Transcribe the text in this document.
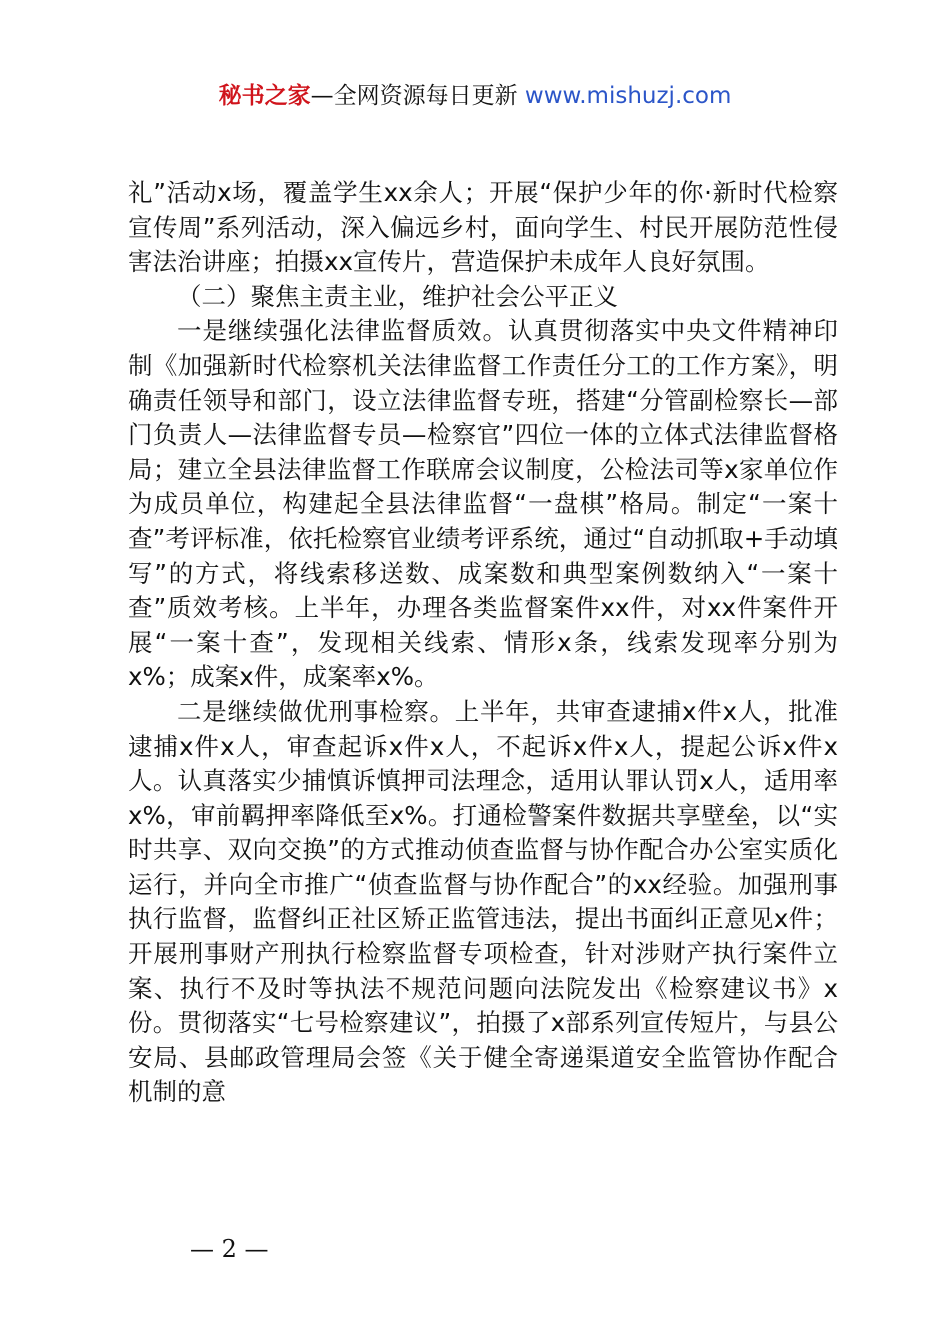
秘书之家—全网资源每日更新 www.mishuzj.com

礼”活动x场，覆盖学生xx余人；开展“保护少年的你·新时代检察宣传周”系列活动，深入偏远乡村，面向学生、村民开展防范性侵害法治讲座；拍摄xx宣传片，营造保护未成年人良好氛围。

（二）聚焦主责主业，维护社会公平正义

一是继续强化法律监督质效。认真贯彻落实中央文件精神印制《加强新时代检察机关法律监督工作责任分工的工作方案》，明确责任领导和部门，设立法律监督专班，搭建“分管副检察长—部门负责人—法律监督专员—检察官”四位一体的立体式法律监督格局；建立全县法律监督工作联席会议制度，公检法司等x家单位作为成员单位，构建起全县法律监督“一盘棋”格局。制定“一案十查”考评标准，依托检察官业绩考评系统，通过“自动抓取+手动填写”的方式，将线索移送数、成案数和典型案例数纳入“一案十查”质效考核。上半年，办理各类监督案件xx件，对xx件案件开展“一案十查”，发现相关线索、情形x条，线索发现率分别为x%；成案x件，成案率x%。

二是继续做优刑事检察。上半年，共审查逮捕x件x人，批准逮捕x件x人，审查起诉x件x人，不起诉x件x人，提起公诉x件x人。认真落实少捕慎诉慎押司法理念，适用认罪认罚x人，适用率x%，审前羁押率降低至x%。打通检警案件数据共享壁垒，以“实时共享、双向交换”的方式推动侦查监督与协作配合办公室实质化运行，并向全市推广“侦查监督与协作配合”的xx经验。加强刑事执行监督，监督纠正社区矫正监管违法，提出书面纠正意见x件；开展刑事财产刑执行检察监督专项检查，针对涉财产执行案件立案、执行不及时等执法不规范问题向法院发出《检察建议书》x份。贯彻落实“七号检察建议”，拍摄了x部系列宣传短片，与县公安局、县邮政管理局会签《关于健全寄递渠道安全监管协作配合机制的意

— 2 —
